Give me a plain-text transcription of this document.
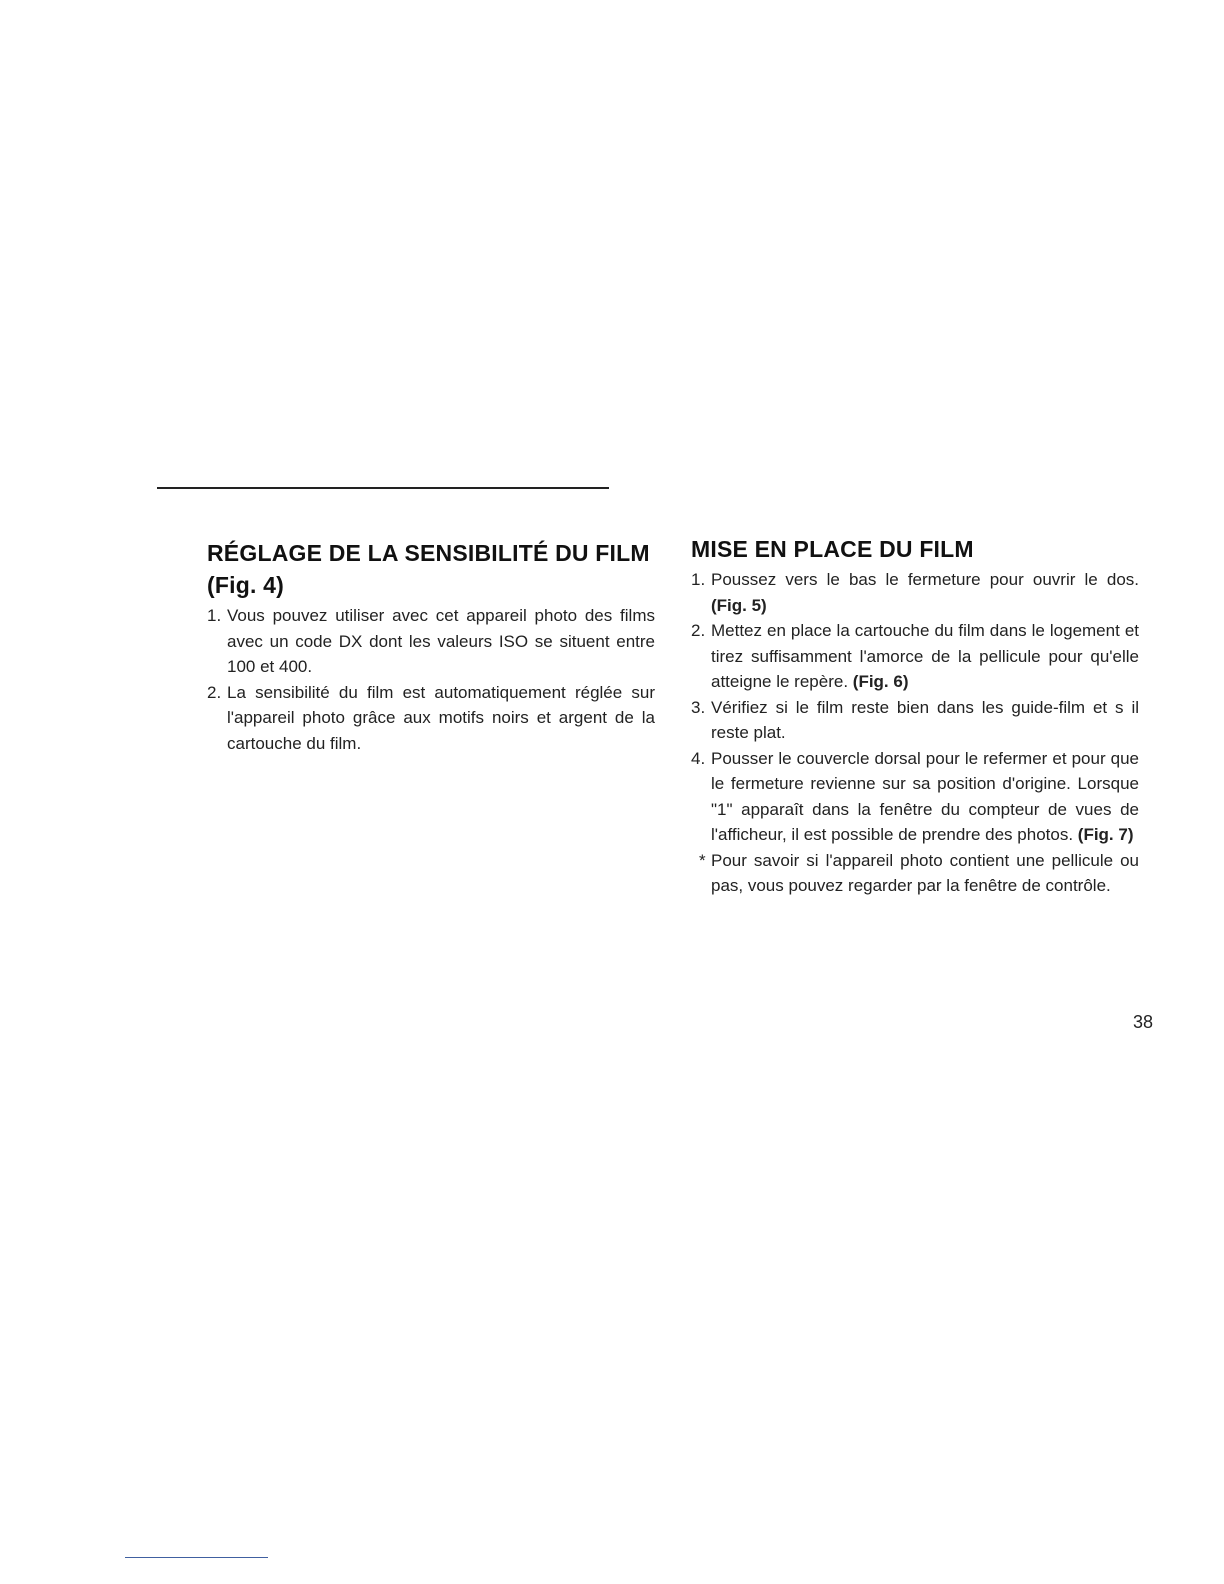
RÉGLAGE DE LA SENSIBILITÉ DU FILM (Fig. 4)
1. Vous pouvez utiliser avec cet appareil photo des films avec un code DX dont les valeurs ISO se situent entre 100 et 400.
2. La sensibilité du film est automatiquement réglée sur l'appareil photo grâce aux motifs noirs et argent de la cartouche du film.
MISE EN PLACE DU FILM
1. Poussez vers le bas le fermeture pour ouvrir le dos. (Fig. 5)
2. Mettez en place la cartouche du film dans le logement et tirez suffisamment l'amorce de la pellicule pour qu'elle atteigne le repère. (Fig. 6)
3. Vérifiez si le film reste bien dans les guide-film et s il reste plat.
4. Pousser le couvercle dorsal pour le refermer et pour que le fermeture revienne sur sa position d'origine. Lorsque "1" apparaît dans la fenêtre du compteur de vues de l'afficheur, il est possible de prendre des photos. (Fig. 7)

* Pour savoir si l'appareil photo contient une pellicule ou pas, vous pouvez regarder par la fenêtre de contrôle.

38
